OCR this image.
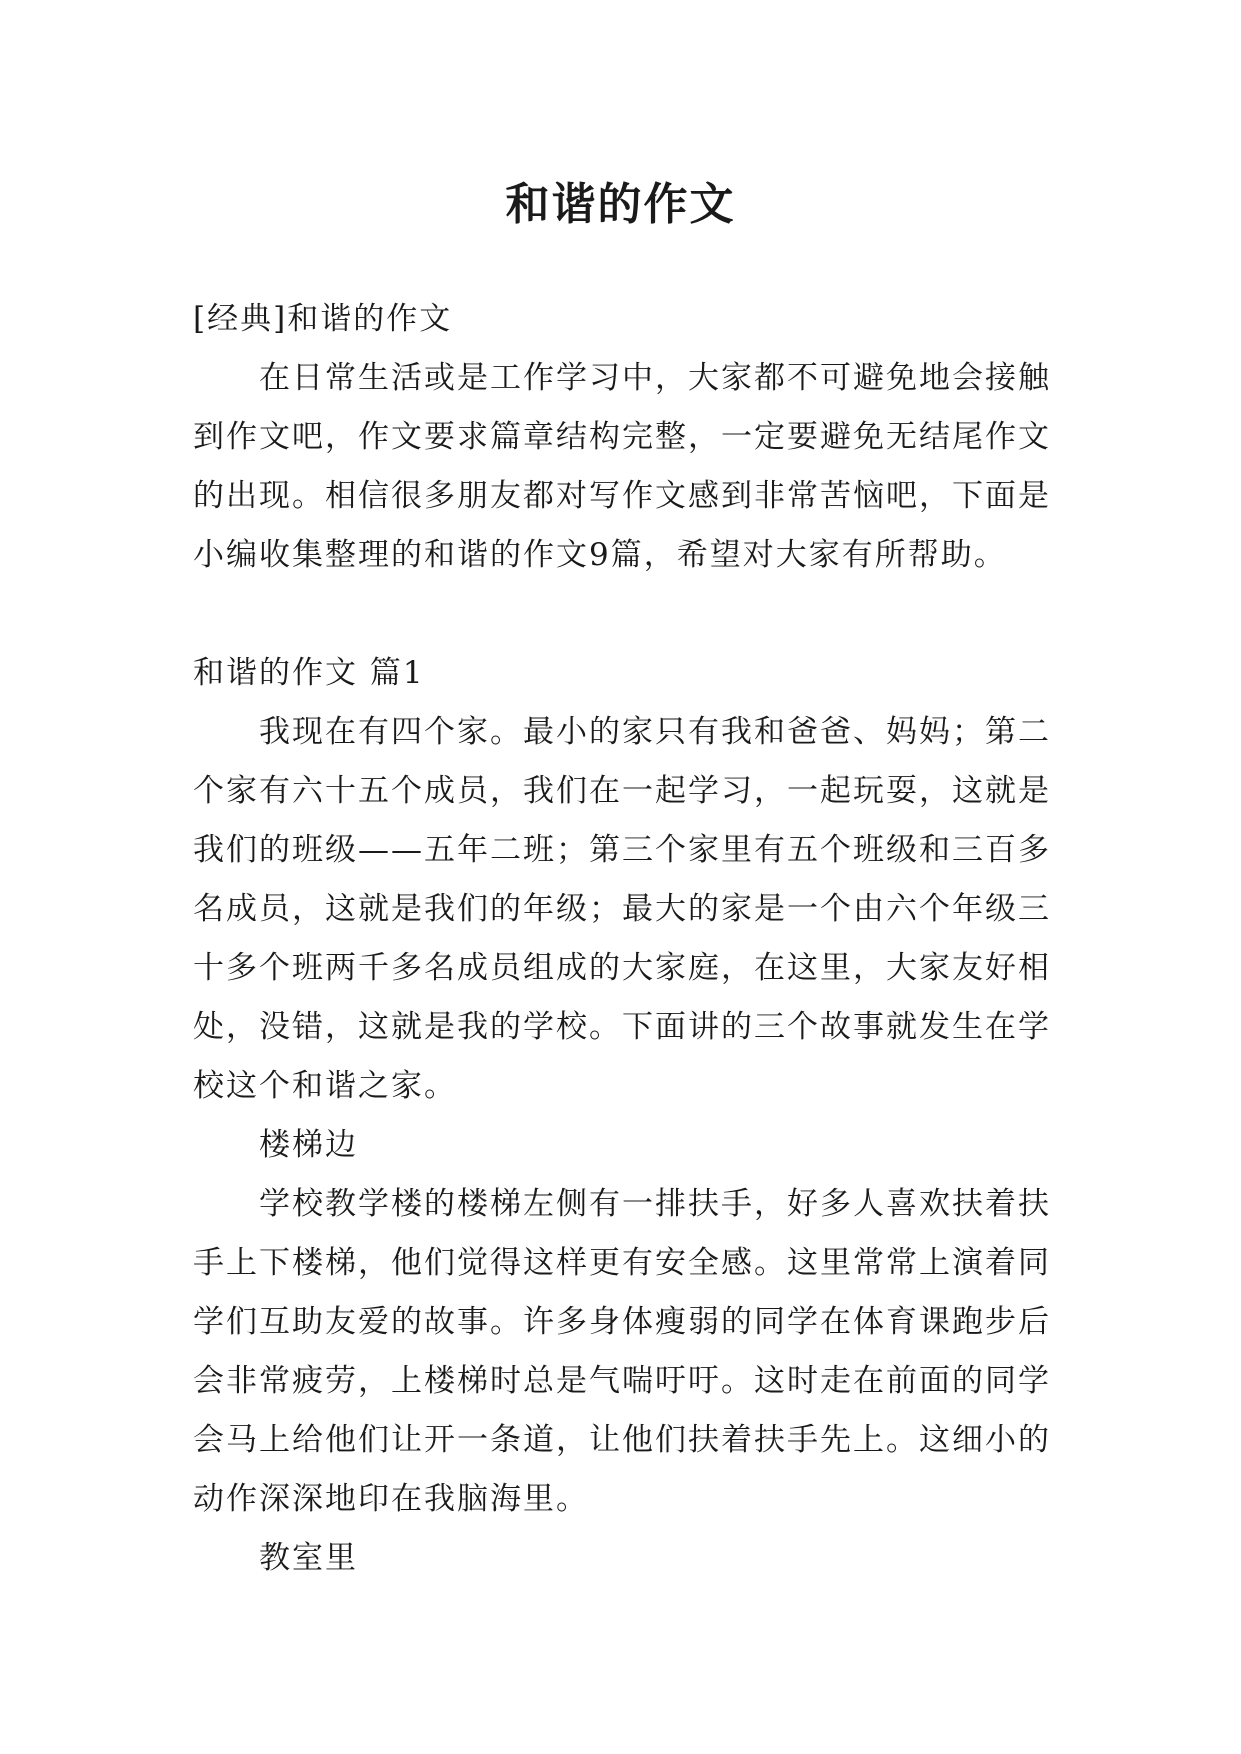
和谐的作文

[经典]和谐的作文

在日常生活或是工作学习中，大家都不可避免地会接触到作文吧，作文要求篇章结构完整，一定要避免无结尾作文的出现。相信很多朋友都对写作文感到非常苦恼吧，下面是小编收集整理的和谐的作文9篇，希望对大家有所帮助。

和谐的作文 篇1

我现在有四个家。最小的家只有我和爸爸、妈妈；第二个家有六十五个成员，我们在一起学习，一起玩耍，这就是我们的班级——五年二班；第三个家里有五个班级和三百多名成员，这就是我们的年级；最大的家是一个由六个年级三十多个班两千多名成员组成的大家庭，在这里，大家友好相处，没错，这就是我的学校。下面讲的三个故事就发生在学校这个和谐之家。

楼梯边

学校教学楼的楼梯左侧有一排扶手，好多人喜欢扶着扶手上下楼梯，他们觉得这样更有安全感。这里常常上演着同学们互助友爱的故事。许多身体瘦弱的同学在体育课跑步后会非常疲劳，上楼梯时总是气喘吁吁。这时走在前面的同学会马上给他们让开一条道，让他们扶着扶手先上。这细小的动作深深地印在我脑海里。

教室里
